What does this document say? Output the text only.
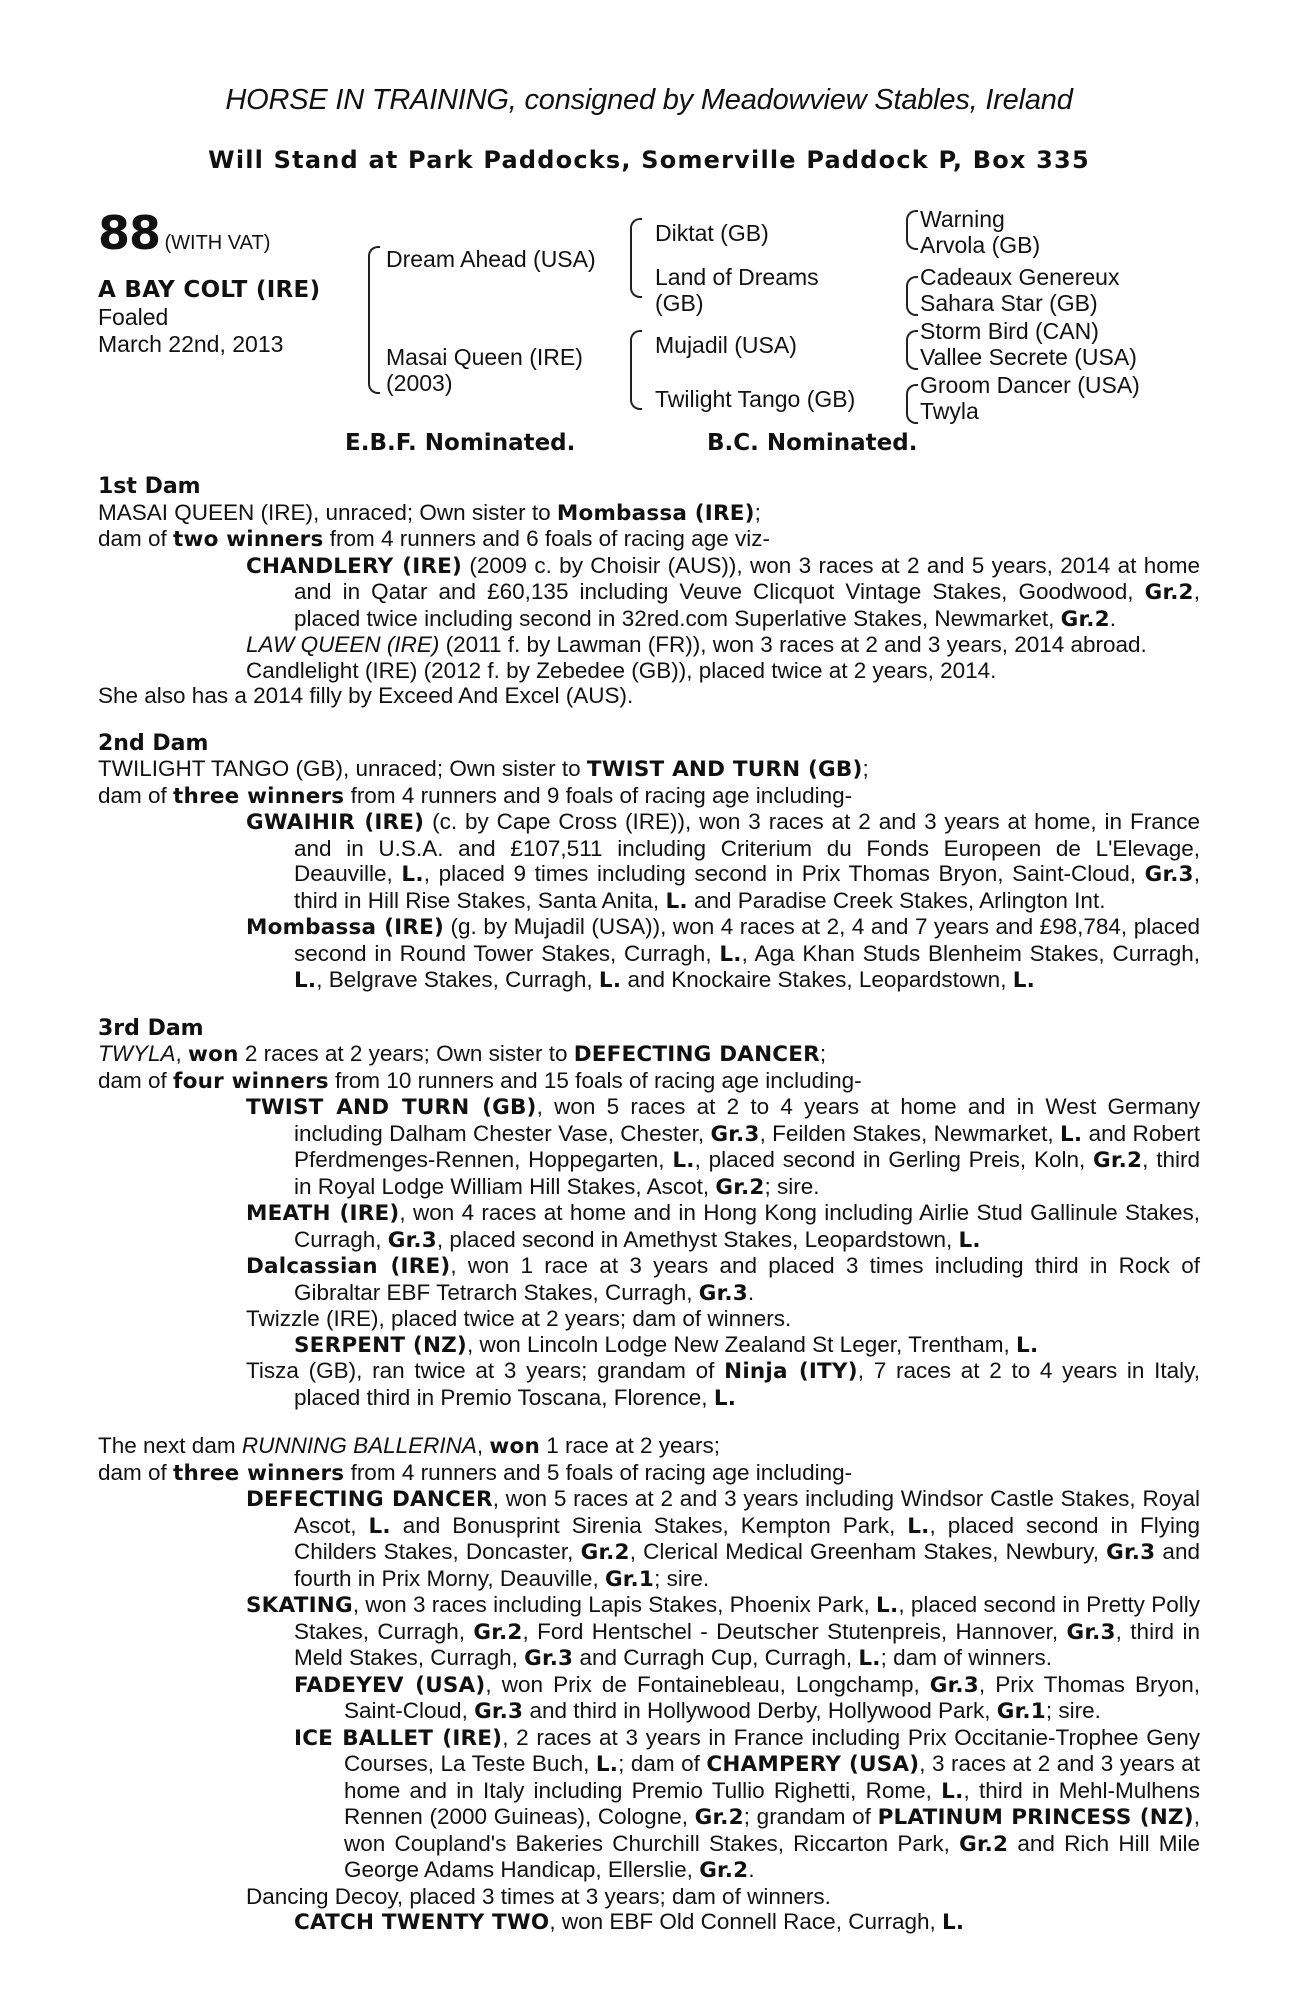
HORSE IN TRAINING, consigned by Meadowview Stables, Ireland
Will Stand at Park Paddocks, Somerville Paddock P, Box 335
88 (WITH VAT)
A BAY COLT (IRE)
Foaled
March 22nd, 2013
Dream Ahead (USA)
Masai Queen (IRE)
(2003)
Diktat (GB)
Land of Dreams
(GB)
Mujadil (USA)
Twilight Tango (GB)
Warning
Arvola (GB)
Cadeaux Genereux
Sahara Star (GB)
Storm Bird (CAN)
Vallee Secrete (USA)
Groom Dancer (USA)
Twyla
E.B.F. Nominated.	B.C. Nominated.

1st Dam

MASAI QUEEN (IRE), unraced; Own sister to Mombassa (IRE);

dam of two winners from 4 runners and 6 foals of racing age viz-

CHANDLERY (IRE) (2009 c. by Choisir (AUS)), won 3 races at 2 and 5 years, 2014 at home and in Qatar and £60,135 including Veuve Clicquot Vintage Stakes, Goodwood, Gr.2, placed twice including second in 32red.com Superlative Stakes, Newmarket, Gr.2.

LAW QUEEN (IRE) (2011 f. by Lawman (FR)), won 3 races at 2 and 3 years, 2014 abroad.

Candlelight (IRE) (2012 f. by Zebedee (GB)), placed twice at 2 years, 2014.

She also has a 2014 filly by Exceed And Excel (AUS).

2nd Dam

TWILIGHT TANGO (GB), unraced; Own sister to TWIST AND TURN (GB);

dam of three winners from 4 runners and 9 foals of racing age including-

GWAIHIR (IRE) (c. by Cape Cross (IRE)), won 3 races at 2 and 3 years at home, in France and in U.S.A. and £107,511 including Criterium du Fonds Europeen de L'Elevage, Deauville, L., placed 9 times including second in Prix Thomas Bryon, Saint-Cloud, Gr.3, third in Hill Rise Stakes, Santa Anita, L. and Paradise Creek Stakes, Arlington Int.

Mombassa (IRE) (g. by Mujadil (USA)), won 4 races at 2, 4 and 7 years and £98,784, placed second in Round Tower Stakes, Curragh, L., Aga Khan Studs Blenheim Stakes, Curragh, L., Belgrave Stakes, Curragh, L. and Knockaire Stakes, Leopardstown, L.

3rd Dam

TWYLA, won 2 races at 2 years; Own sister to DEFECTING DANCER;

dam of four winners from 10 runners and 15 foals of racing age including-

TWIST AND TURN (GB), won 5 races at 2 to 4 years at home and in West Germany including Dalham Chester Vase, Chester, Gr.3, Feilden Stakes, Newmarket, L. and Robert Pferdmenges-Rennen, Hoppegarten, L., placed second in Gerling Preis, Koln, Gr.2, third in Royal Lodge William Hill Stakes, Ascot, Gr.2; sire.

MEATH (IRE), won 4 races at home and in Hong Kong including Airlie Stud Gallinule Stakes, Curragh, Gr.3, placed second in Amethyst Stakes, Leopardstown, L.

Dalcassian (IRE), won 1 race at 3 years and placed 3 times including third in Rock of Gibraltar EBF Tetrarch Stakes, Curragh, Gr.3.

Twizzle (IRE), placed twice at 2 years; dam of winners.

SERPENT (NZ), won Lincoln Lodge New Zealand St Leger, Trentham, L.

Tisza (GB), ran twice at 3 years; grandam of Ninja (ITY), 7 races at 2 to 4 years in Italy, placed third in Premio Toscana, Florence, L.

The next dam RUNNING BALLERINA, won 1 race at 2 years;

dam of three winners from 4 runners and 5 foals of racing age including-

DEFECTING DANCER, won 5 races at 2 and 3 years including Windsor Castle Stakes, Royal Ascot, L. and Bonusprint Sirenia Stakes, Kempton Park, L., placed second in Flying Childers Stakes, Doncaster, Gr.2, Clerical Medical Greenham Stakes, Newbury, Gr.3 and fourth in Prix Morny, Deauville, Gr.1; sire.

SKATING, won 3 races including Lapis Stakes, Phoenix Park, L., placed second in Pretty Polly Stakes, Curragh, Gr.2, Ford Hentschel - Deutscher Stutenpreis, Hannover, Gr.3, third in Meld Stakes, Curragh, Gr.3 and Curragh Cup, Curragh, L.; dam of winners.

FADEYEV (USA), won Prix de Fontainebleau, Longchamp, Gr.3, Prix Thomas Bryon, Saint-Cloud, Gr.3 and third in Hollywood Derby, Hollywood Park, Gr.1; sire.

ICE BALLET (IRE), 2 races at 3 years in France including Prix Occitanie-Trophee Geny Courses, La Teste Buch, L.; dam of CHAMPERY (USA), 3 races at 2 and 3 years at home and in Italy including Premio Tullio Righetti, Rome, L., third in Mehl-Mulhens Rennen (2000 Guineas), Cologne, Gr.2; grandam of PLATINUM PRINCESS (NZ), won Coupland's Bakeries Churchill Stakes, Riccarton Park, Gr.2 and Rich Hill Mile George Adams Handicap, Ellerslie, Gr.2.

Dancing Decoy, placed 3 times at 3 years; dam of winners.

CATCH TWENTY TWO, won EBF Old Connell Race, Curragh, L.
